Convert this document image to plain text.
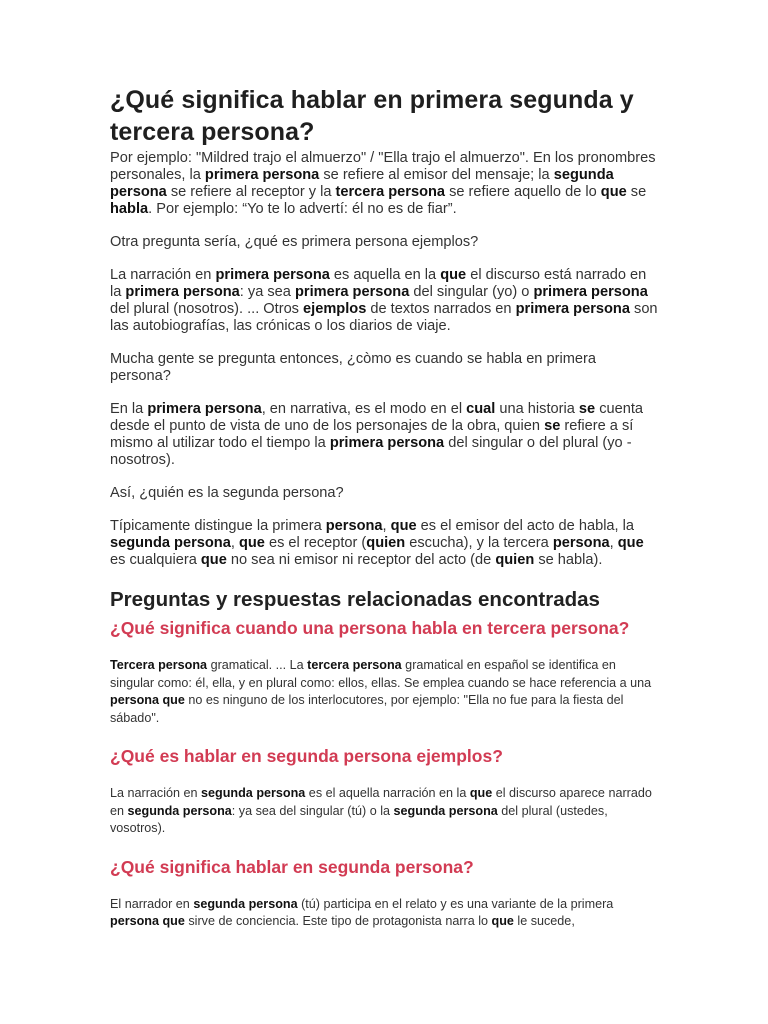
¿Qué significa hablar en primera segunda y tercera persona?

Por ejemplo: "Mildred trajo el almuerzo" / "Ella trajo el almuerzo". En los pronombres personales, la primera persona se refiere al emisor del mensaje; la segunda persona se refiere al receptor y la tercera persona se refiere aquello de lo que se habla. Por ejemplo: “Yo te lo advertí: él no es de fiar”.

Otra pregunta sería, ¿qué es primera persona ejemplos?

La narración en primera persona es aquella en la que el discurso está narrado en la primera persona: ya sea primera persona del singular (yo) o primera persona del plural (nosotros). ... Otros ejemplos de textos narrados en primera persona son las autobiografías, las crónicas o los diarios de viaje.

Mucha gente se pregunta entonces, ¿còmo es cuando se habla en primera persona?

En la primera persona, en narrativa, es el modo en el cual una historia se cuenta desde el punto de vista de uno de los personajes de la obra, quien se refiere a sí mismo al utilizar todo el tiempo la primera persona del singular o del plural (yo - nosotros).

Así, ¿quién es la segunda persona?

Típicamente distingue la primera persona, que es el emisor del acto de habla, la segunda persona, que es el receptor (quien escucha), y la tercera persona, que es cualquiera que no sea ni emisor ni receptor del acto (de quien se habla).

Preguntas y respuestas relacionadas encontradas
¿Qué significa cuando una persona habla en tercera persona?

Tercera persona gramatical. ... La tercera persona gramatical en español se identifica en singular como: él, ella, y en plural como: ellos, ellas. Se emplea cuando se hace referencia a una persona que no es ninguno de los interlocutores, por ejemplo: "Ella no fue para la fiesta del sábado".

¿Qué es hablar en segunda persona ejemplos?

La narración en segunda persona es el aquella narración en la que el discurso aparece narrado en segunda persona: ya sea del singular (tú) o la segunda persona del plural (ustedes, vosotros).

¿Qué significa hablar en segunda persona?

El narrador en segunda persona (tú) participa en el relato y es una variante de la primera persona que sirve de conciencia. Este tipo de protagonista narra lo que le sucede,
